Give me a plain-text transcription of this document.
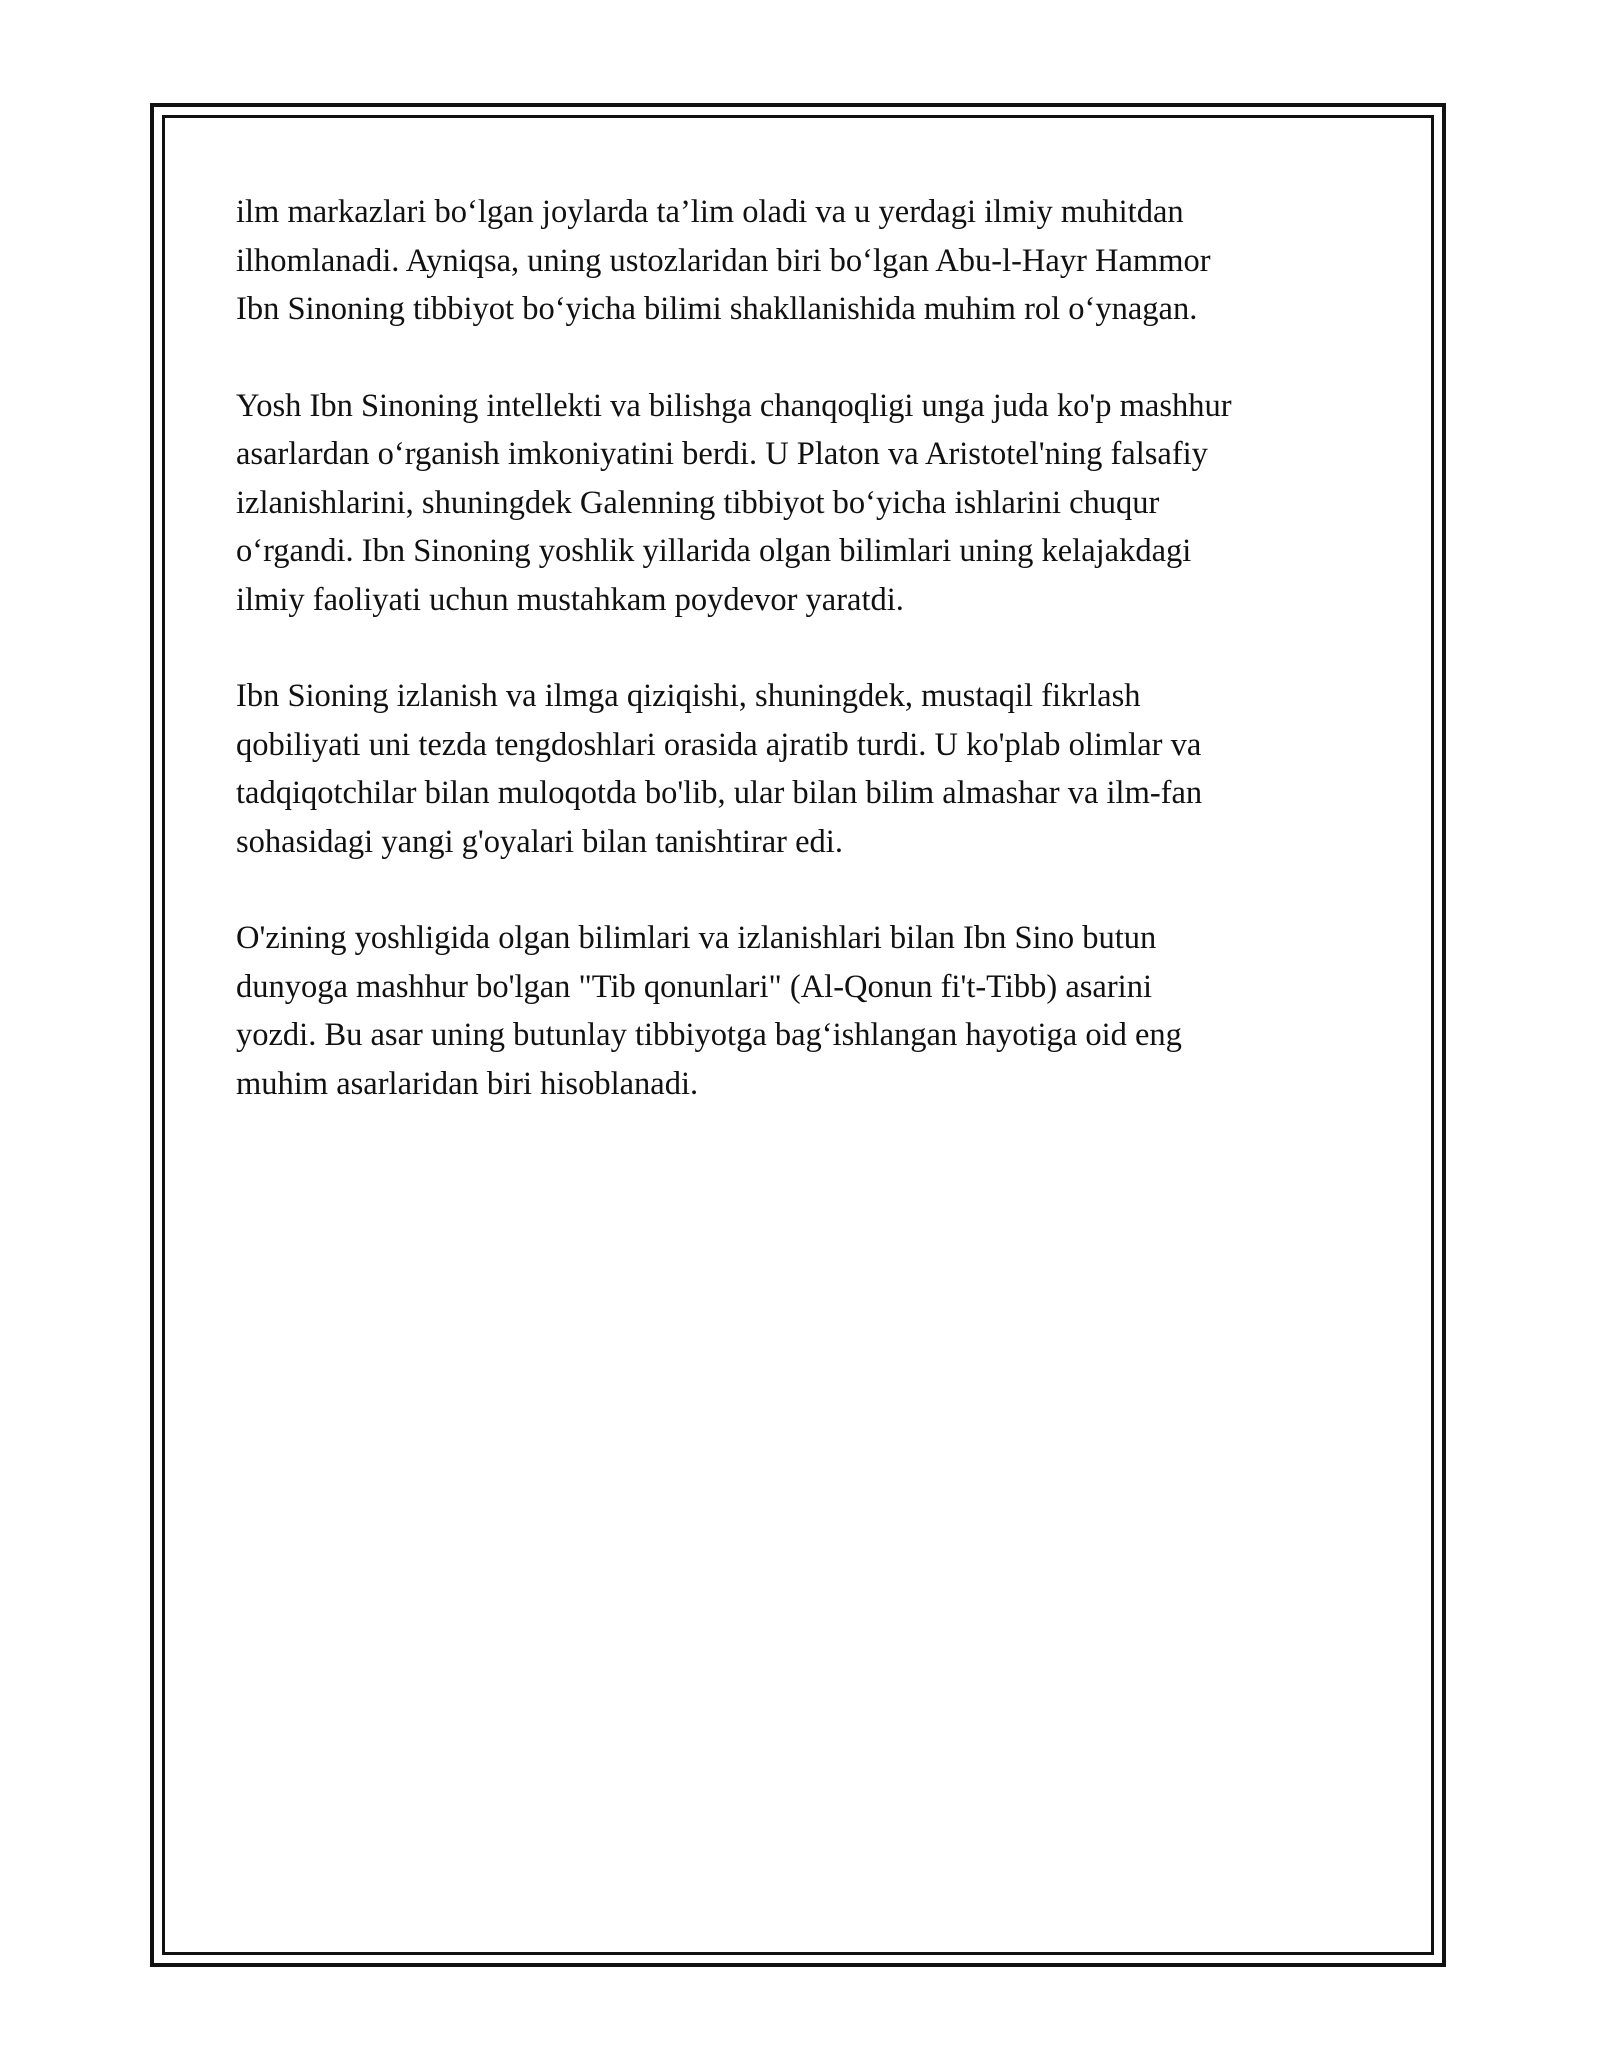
ilm markazlari bo‘lgan joylarda ta’lim oladi va u yerdagi ilmiy muhitdan
ilhomlanadi. Ayniqsa, uning ustozlaridan biri bo‘lgan Abu-l-Hayr Hammor
Ibn Sinoning tibbiyot bo‘yicha bilimi shakllanishida muhim rol o‘ynagan.

Yosh Ibn Sinoning intellekti va bilishga chanqoqligi unga juda ko'p mashhur
asarlardan o‘rganish imkoniyatini berdi. U Platon va Aristotel'ning falsafiy
izlanishlarini, shuningdek Galenning tibbiyot bo‘yicha ishlarini chuqur
o‘rgandi. Ibn Sinoning yoshlik yillarida olgan bilimlari uning kelajakdagi
ilmiy faoliyati uchun mustahkam poydevor yaratdi.

Ibn Sioning izlanish va ilmga qiziqishi, shuningdek, mustaqil fikrlash
qobiliyati uni tezda tengdoshlari orasida ajratib turdi. U ko'plab olimlar va
tadqiqotchilar bilan muloqotda bo'lib, ular bilan bilim almashar va ilm-fan
sohasidagi yangi g'oyalari bilan tanishtirar edi.

O'zining yoshligida olgan bilimlari va izlanishlari bilan Ibn Sino butun
dunyoga mashhur bo'lgan "Tib qonunlari" (Al-Qonun fi't-Tibb) asarini
yozdi. Bu asar uning butunlay tibbiyotga bag‘ishlangan hayotiga oid eng
muhim asarlaridan biri hisoblanadi.
